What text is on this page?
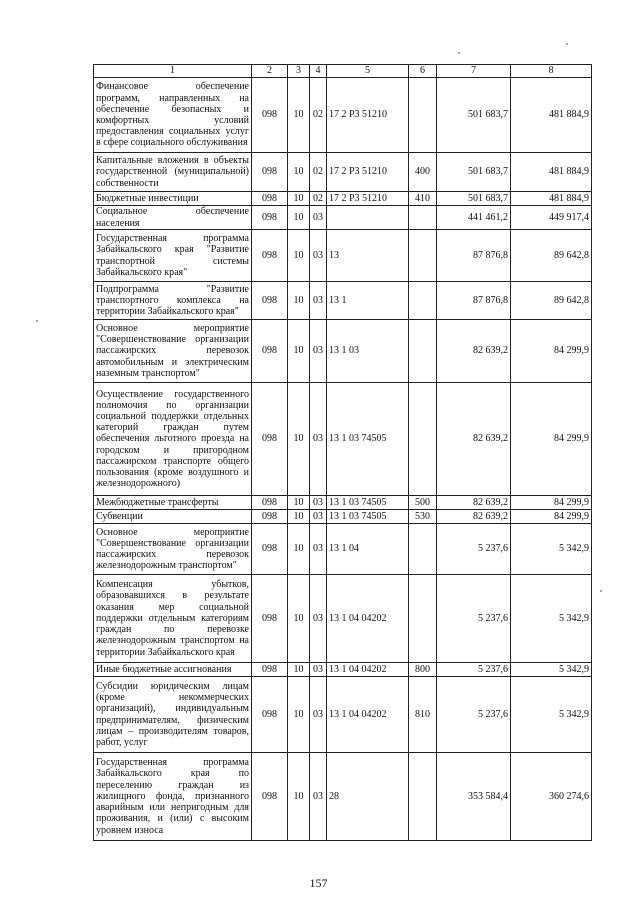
1	2	3	4	5	6	7	8
Финансовое обеспечение программ, направленных на обеспечение безопасных и комфортных условий предоставления социальных услуг в сфере социального обслуживания	098	10	02	17 2 Р3 51210		501 683,7	481 884,9
Капитальные вложения в объекты государственной (муниципальной) собственности	098	10	02	17 2 Р3 51210	400	501 683,7	481 884,9
Бюджетные инвестиции	098	10	02	17 2 Р3 51210	410	501 683,7	481 884,9
Социальное обеспечение населения	098	10	03			441 461,2	449 917,4
Государственная программа Забайкальского края "Развитие транспортной системы Забайкальского края"	098	10	03	13		87 876,8	89 642,8
Подпрограмма "Развитие транспортного комплекса на территории Забайкальского края"	098	10	03	13 1		87 876,8	89 642,8
Основное мероприятие "Совершенствование организации пассажирских перевозок автомобильным и электрическим наземным транспортом"	098	10	03	13 1 03		82 639,2	84 299,9
Осуществление государственного полномочия по организации социальной поддержки отдельных категорий граждан путем обеспечения льготного проезда на городском и пригородном пассажирском транспорте общего пользования (кроме воздушного и железнодорожного)	098	10	03	13 1 03 74505		82 639,2	84 299,9
Межбюджетные трансферты	098	10	03	13 1 03 74505	500	82 639,2	84 299,9
Субвенции	098	10	03	13 1 03 74505	530	82 639,2	84 299,9
Основное мероприятие "Совершенствование организации пассажирских перевозок железнодорожным транспортом"	098	10	03	13 1 04		5 237,6	5 342,9
Компенсация убытков, образовавшихся в результате оказания мер социальной поддержки отдельным категориям граждан по перевозке железнодорожным транспортом на территории Забайкальского края	098	10	03	13 1 04 04202		5 237,6	5 342,9
Иные бюджетные ассигнования	098	10	03	13 1 04 04202	800	5 237,6	5 342,9
Субсидии юридическим лицам (кроме некоммерческих организаций), индивидуальным предпринимателям, физическим лицам – производителям товаров, работ, услуг	098	10	03	13 1 04 04202	810	5 237,6	5 342,9
Государственная программа Забайкальского края по переселению граждан из жилищного фонда, признанного аварийным или непригодным для проживания, и (или) с высоким уровнем износа	098	10	03	28		353 584,4	360 274,6
157
